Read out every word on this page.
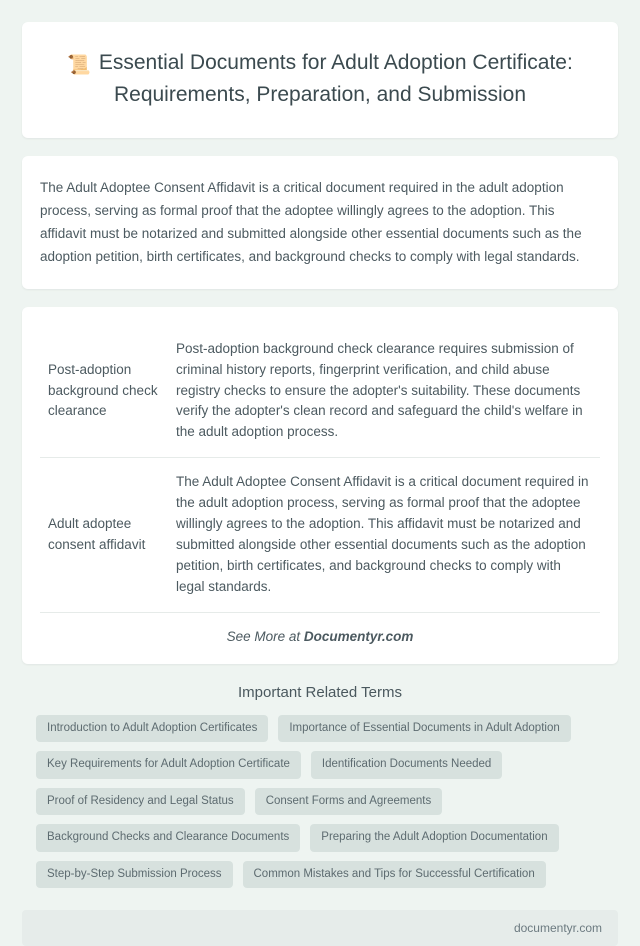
📜 Essential Documents for Adult Adoption Certificate: Requirements, Preparation, and Submission
The Adult Adoptee Consent Affidavit is a critical document required in the adult adoption process, serving as formal proof that the adoptee willingly agrees to the adoption. This affidavit must be notarized and submitted alongside other essential documents such as the adoption petition, birth certificates, and background checks to comply with legal standards.
Post-adoption background check clearance	Post-adoption background check clearance requires submission of criminal history reports, fingerprint verification, and child abuse registry checks to ensure the adopter's suitability. These documents verify the adopter's clean record and safeguard the child's welfare in the adult adoption process.
Adult adoptee consent affidavit	The Adult Adoptee Consent Affidavit is a critical document required in the adult adoption process, serving as formal proof that the adoptee willingly agrees to the adoption. This affidavit must be notarized and submitted alongside other essential documents such as the adoption petition, birth certificates, and background checks to comply with legal standards.
See More at Documentyr.com
Important Related Terms
Introduction to Adult Adoption Certificates	Importance of Essential Documents in Adult Adoption
Key Requirements for Adult Adoption Certificate	Identification Documents Needed
Proof of Residency and Legal Status	Consent Forms and Agreements
Background Checks and Clearance Documents	Preparing the Adult Adoption Documentation
Step-by-Step Submission Process	Common Mistakes and Tips for Successful Certification
documentyr.com
